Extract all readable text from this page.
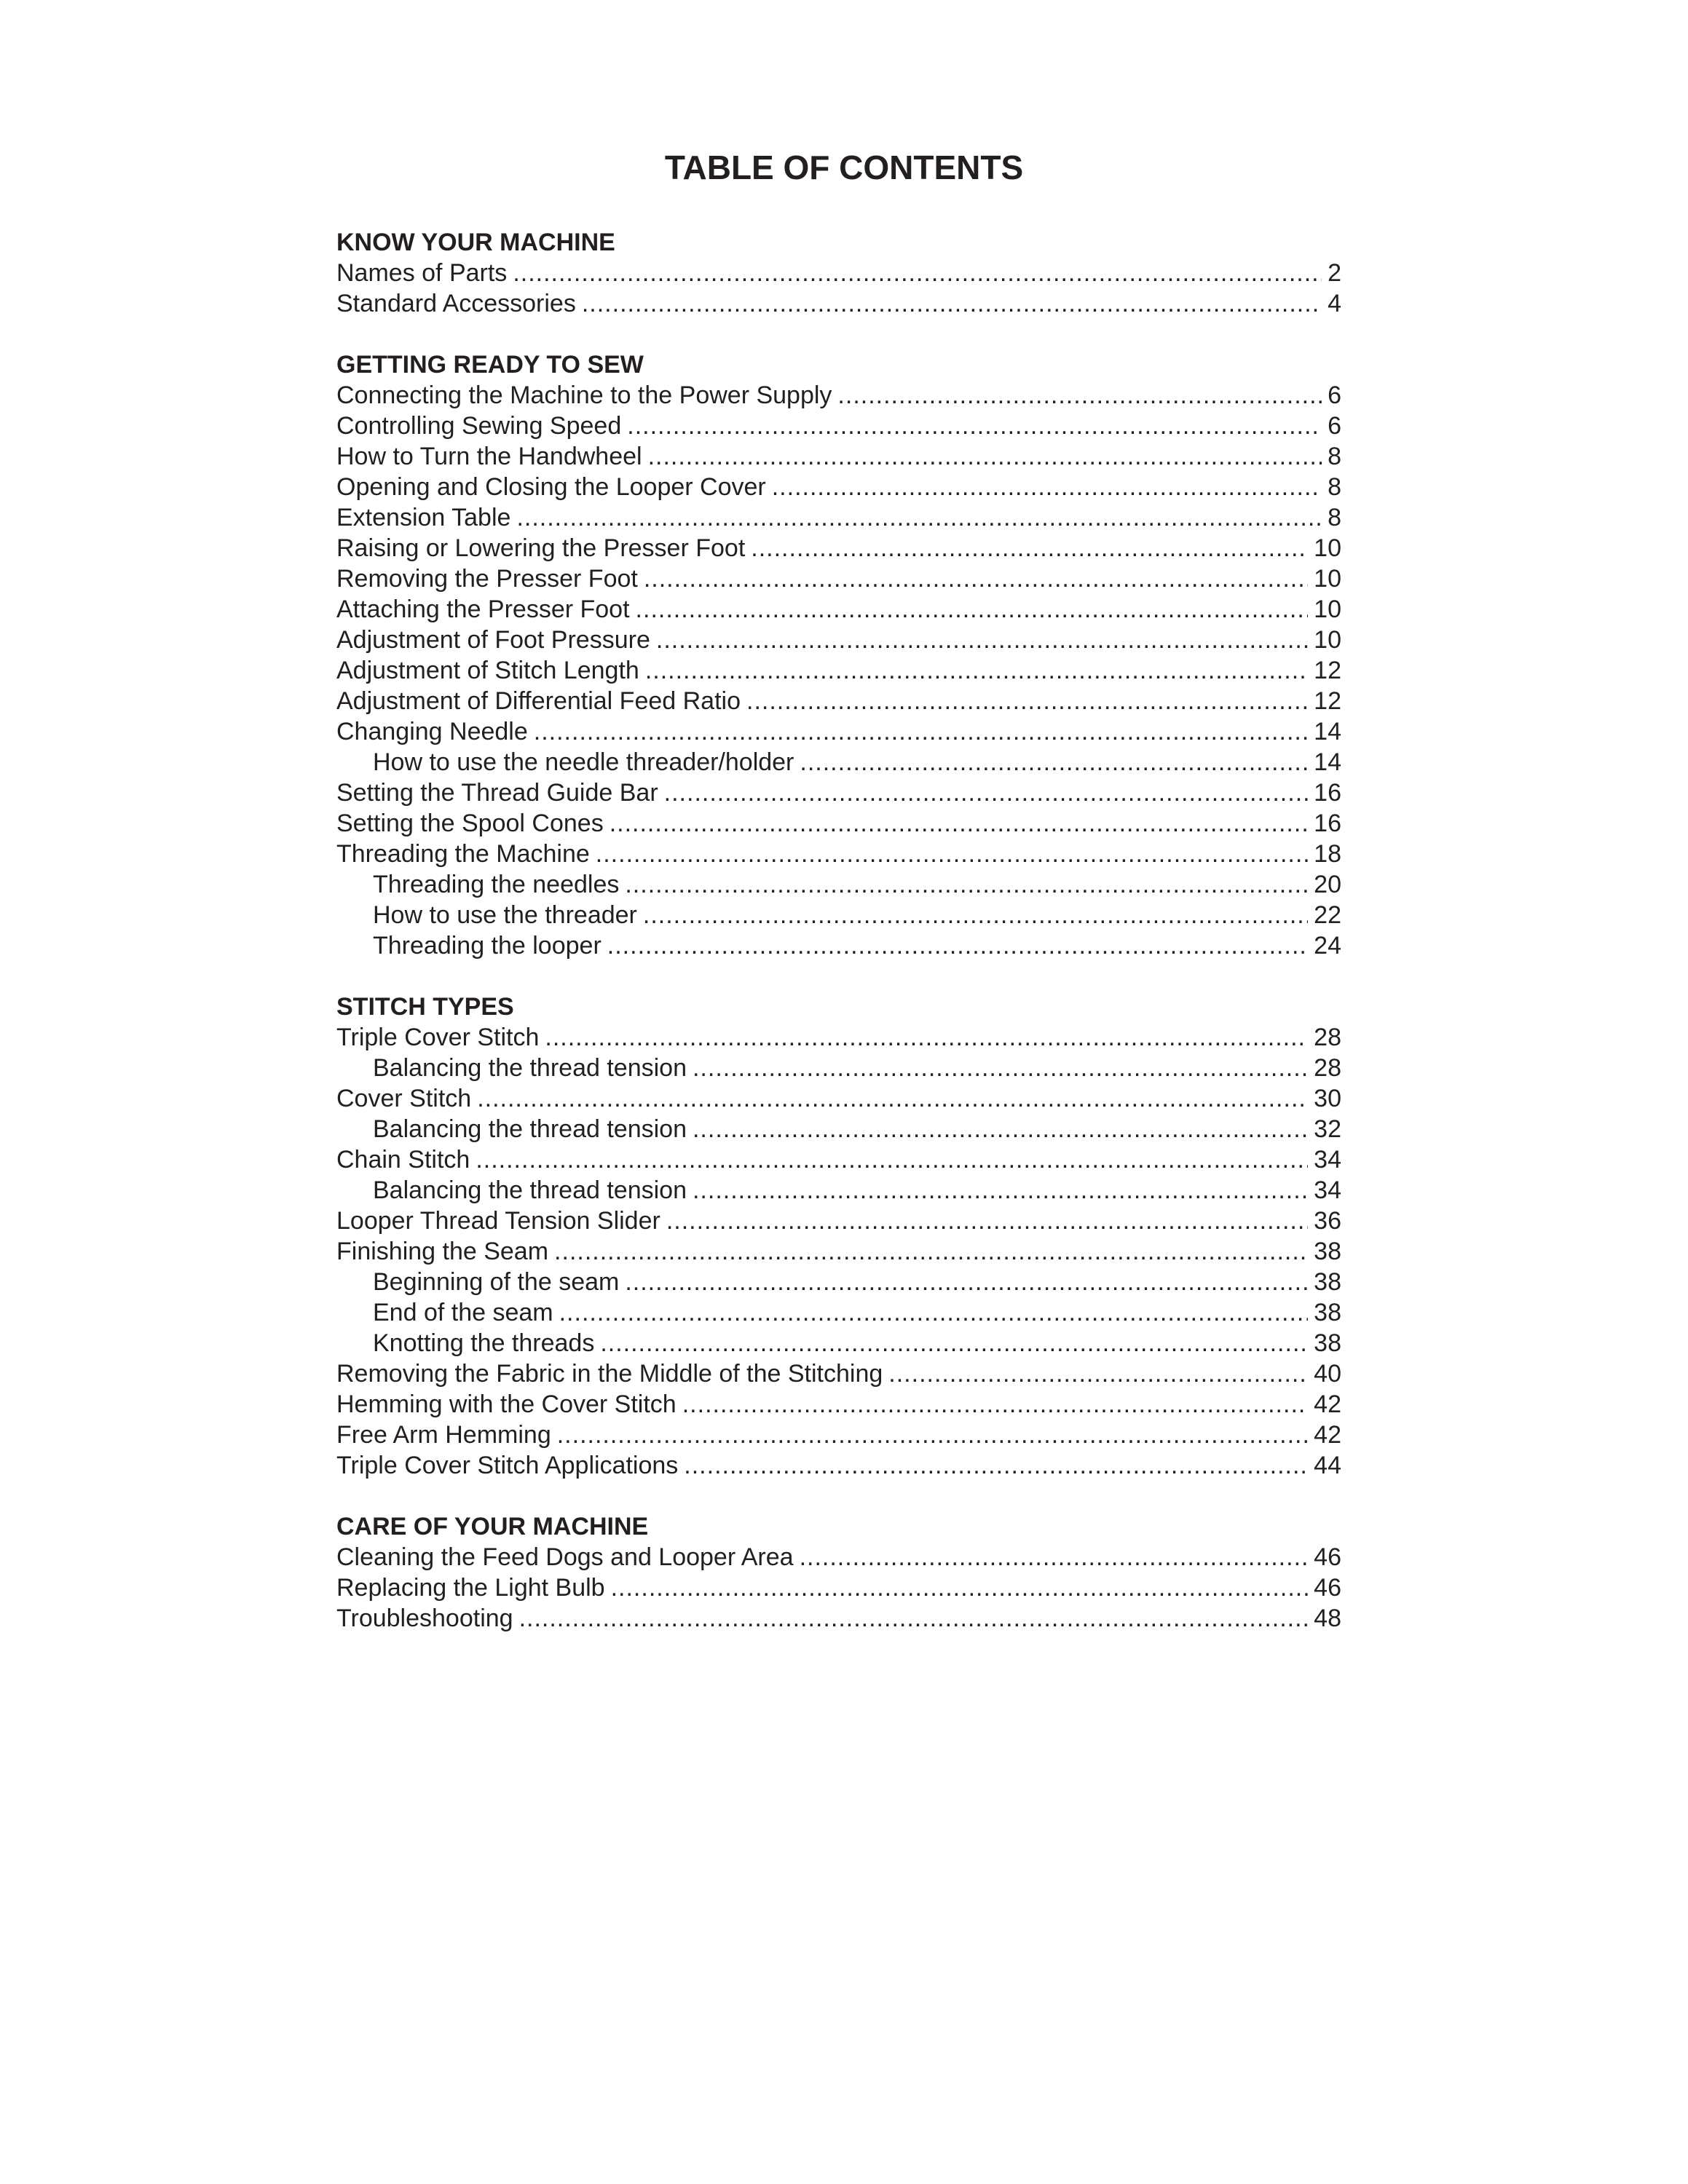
TABLE OF CONTENTS
KNOW YOUR MACHINE
Names of Parts .....	2
Standard Accessories .....	4
GETTING READY TO SEW
Connecting the Machine to the Power Supply .....	6
Controlling Sewing Speed .....	6
How to Turn the Handwheel .....	8
Opening and Closing the Looper Cover .....	8
Extension Table .....	8
Raising or Lowering the Presser Foot .....	10
Removing the Presser Foot .....	10
Attaching the Presser Foot .....	10
Adjustment of Foot Pressure .....	10
Adjustment of Stitch Length .....	12
Adjustment of Differential Feed Ratio .....	12
Changing Needle .....	14
How to use the needle threader/holder .....	14
Setting the Thread Guide Bar .....	16
Setting the Spool Cones .....	16
Threading the Machine .....	18
Threading the needles .....	20
How to use the threader .....	22
Threading the looper .....	24
STITCH TYPES
Triple Cover Stitch .....	28
Balancing the thread tension .....	28
Cover Stitch .....	30
Balancing the thread tension .....	32
Chain Stitch .....	34
Balancing the thread tension .....	34
Looper Thread Tension Slider .....	36
Finishing the Seam .....	38
Beginning of the seam .....	38
End of the seam .....	38
Knotting the threads .....	38
Removing the Fabric in the Middle of the Stitching .....	40
Hemming with the Cover Stitch .....	42
Free Arm Hemming .....	42
Triple Cover Stitch Applications .....	44
CARE OF YOUR MACHINE
Cleaning the Feed Dogs and Looper Area .....	46
Replacing the Light Bulb .....	46
Troubleshooting .....	48
